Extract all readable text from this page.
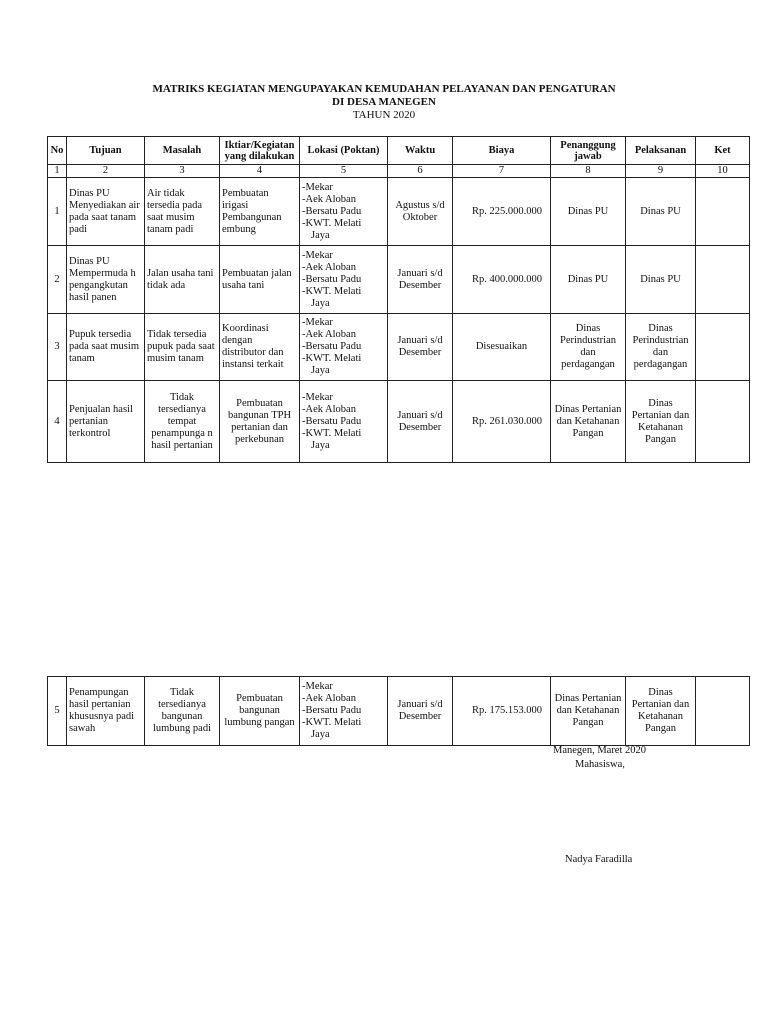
MATRIKS KEGIATAN MENGUPAYAKAN KEMUDAHAN PELAYANAN DAN PENGATURAN
DI DESA MANEGEN
TAHUN 2020
No	Tujuan	Masalah	Iktiar/Kegiatan yang dilakukan	Lokasi (Poktan)	Waktu	Biaya	Penanggung jawab	Pelaksanan	Ket
1	2	3	4	5	6	7	8	9	10
1	Dinas PU Menyediakan air pada saat tanam padi	Air tidak tersedia pada saat musim tanam padi	Pembuatan irigasi Pembangunan embung	-Mekar
-Aek Aloban
-Bersatu Padu
-KWT. Melati
Jaya	Agustus s/d Oktober	Rp. 225.000.000	Dinas PU	Dinas PU	
2	Dinas PU Mempermuda h pengangkutan hasil panen	Jalan usaha tani tidak ada	Pembuatan jalan usaha tani	-Mekar
-Aek Aloban
-Bersatu Padu
-KWT. Melati
Jaya	Januari s/d Desember	Rp. 400.000.000	Dinas PU	Dinas PU	
3	Pupuk tersedia pada saat musim tanam	Tidak tersedia pupuk pada saat musim tanam	Koordinasi dengan distributor dan instansi terkait	-Mekar
-Aek Aloban
-Bersatu Padu
-KWT. Melati
Jaya	Januari s/d Desember	Disesuaikan	Dinas Perindustrian dan perdagangan	Dinas Perindustrian dan perdagangan	
4	Penjualan hasil pertanian terkontrol	Tidak tersedianya tempat penampunga n hasil pertanian	Pembuatan bangunan TPH pertanian dan perkebunan	-Mekar
-Aek Aloban
-Bersatu Padu
-KWT. Melati
Jaya	Januari s/d Desember	Rp. 261.030.000	Dinas Pertanian dan Ketahanan Pangan	Dinas Pertanian dan Ketahanan Pangan	
5	Penampungan hasil pertanian khususnya padi sawah	Tidak tersedianya bangunan lumbung padi	Pembuatan bangunan lumbung pangan	
-Mekar
-Aek Aloban
-Bersatu Padu
-KWT. Melati
Jaya
	Januari s/d Desember	Rp. 175.153.000	Dinas Pertanian dan Ketahanan Pangan	Dinas Pertanian dan Ketahanan Pangan	
Manegen, Maret 2020
Mahasiswa,
Nadya Faradilla
